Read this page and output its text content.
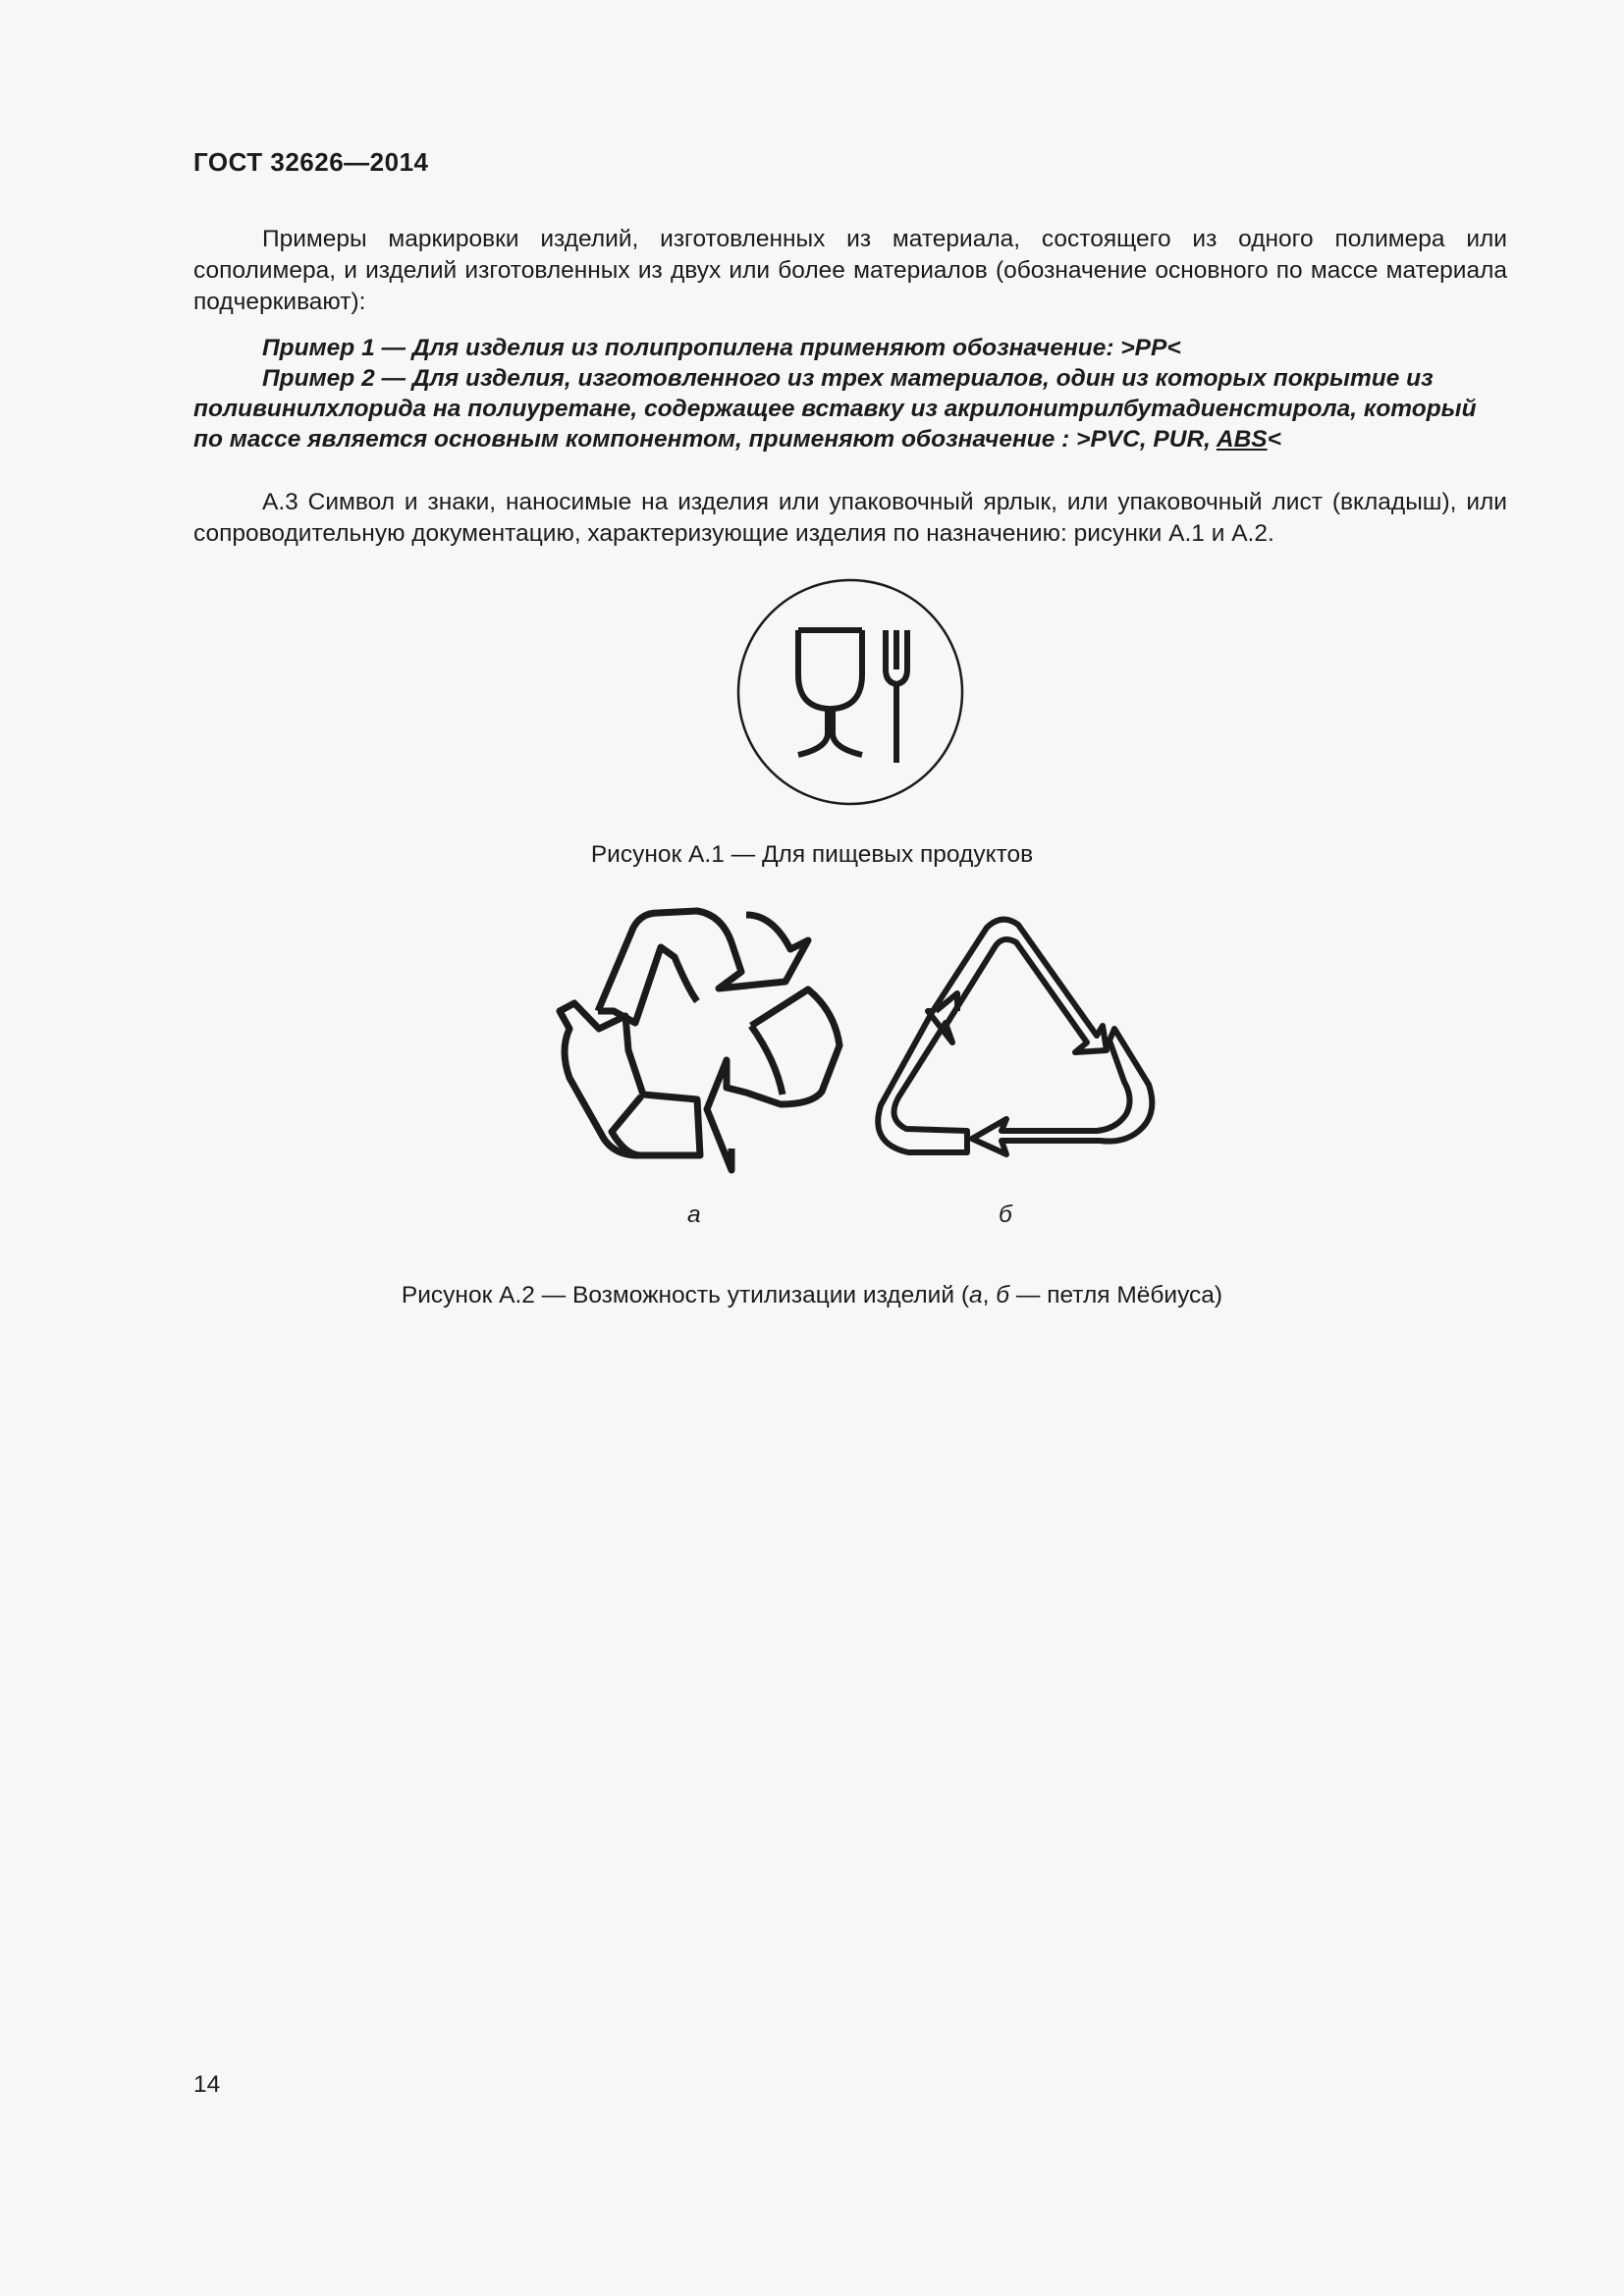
ГОСТ 32626—2014

Примеры маркировки изделий, изготовленных из материала, состоящего из одного полимера или сополимера, и изделий изготовленных из двух или более материалов (обозначение основного по массе материала подчеркивают):

Пример 1 — Для изделия из полипропилена применяют обозначение: >PP<
Пример 2 — Для изделия, изготовленного из трех материалов, один из которых покрытие из
поливинилхлорида на полиуретане, содержащее вставку из акрилонитрилбутадиенстирола, который
по массе является основным компонентом, применяют обозначение : >PVC, PUR, ABS<

А.3 Символ и знаки, наносимые на изделия или упаковочный ярлык, или упаковочный лист (вкладыш), или сопроводительную документацию, характеризующие изделия по назначению: рисунки А.1 и А.2.

Рисунок А.1 — Для пищевых продуктов
а	б
Рисунок А.2 — Возможность утилизации изделий (а, б — петля Мёбиуса)
14
